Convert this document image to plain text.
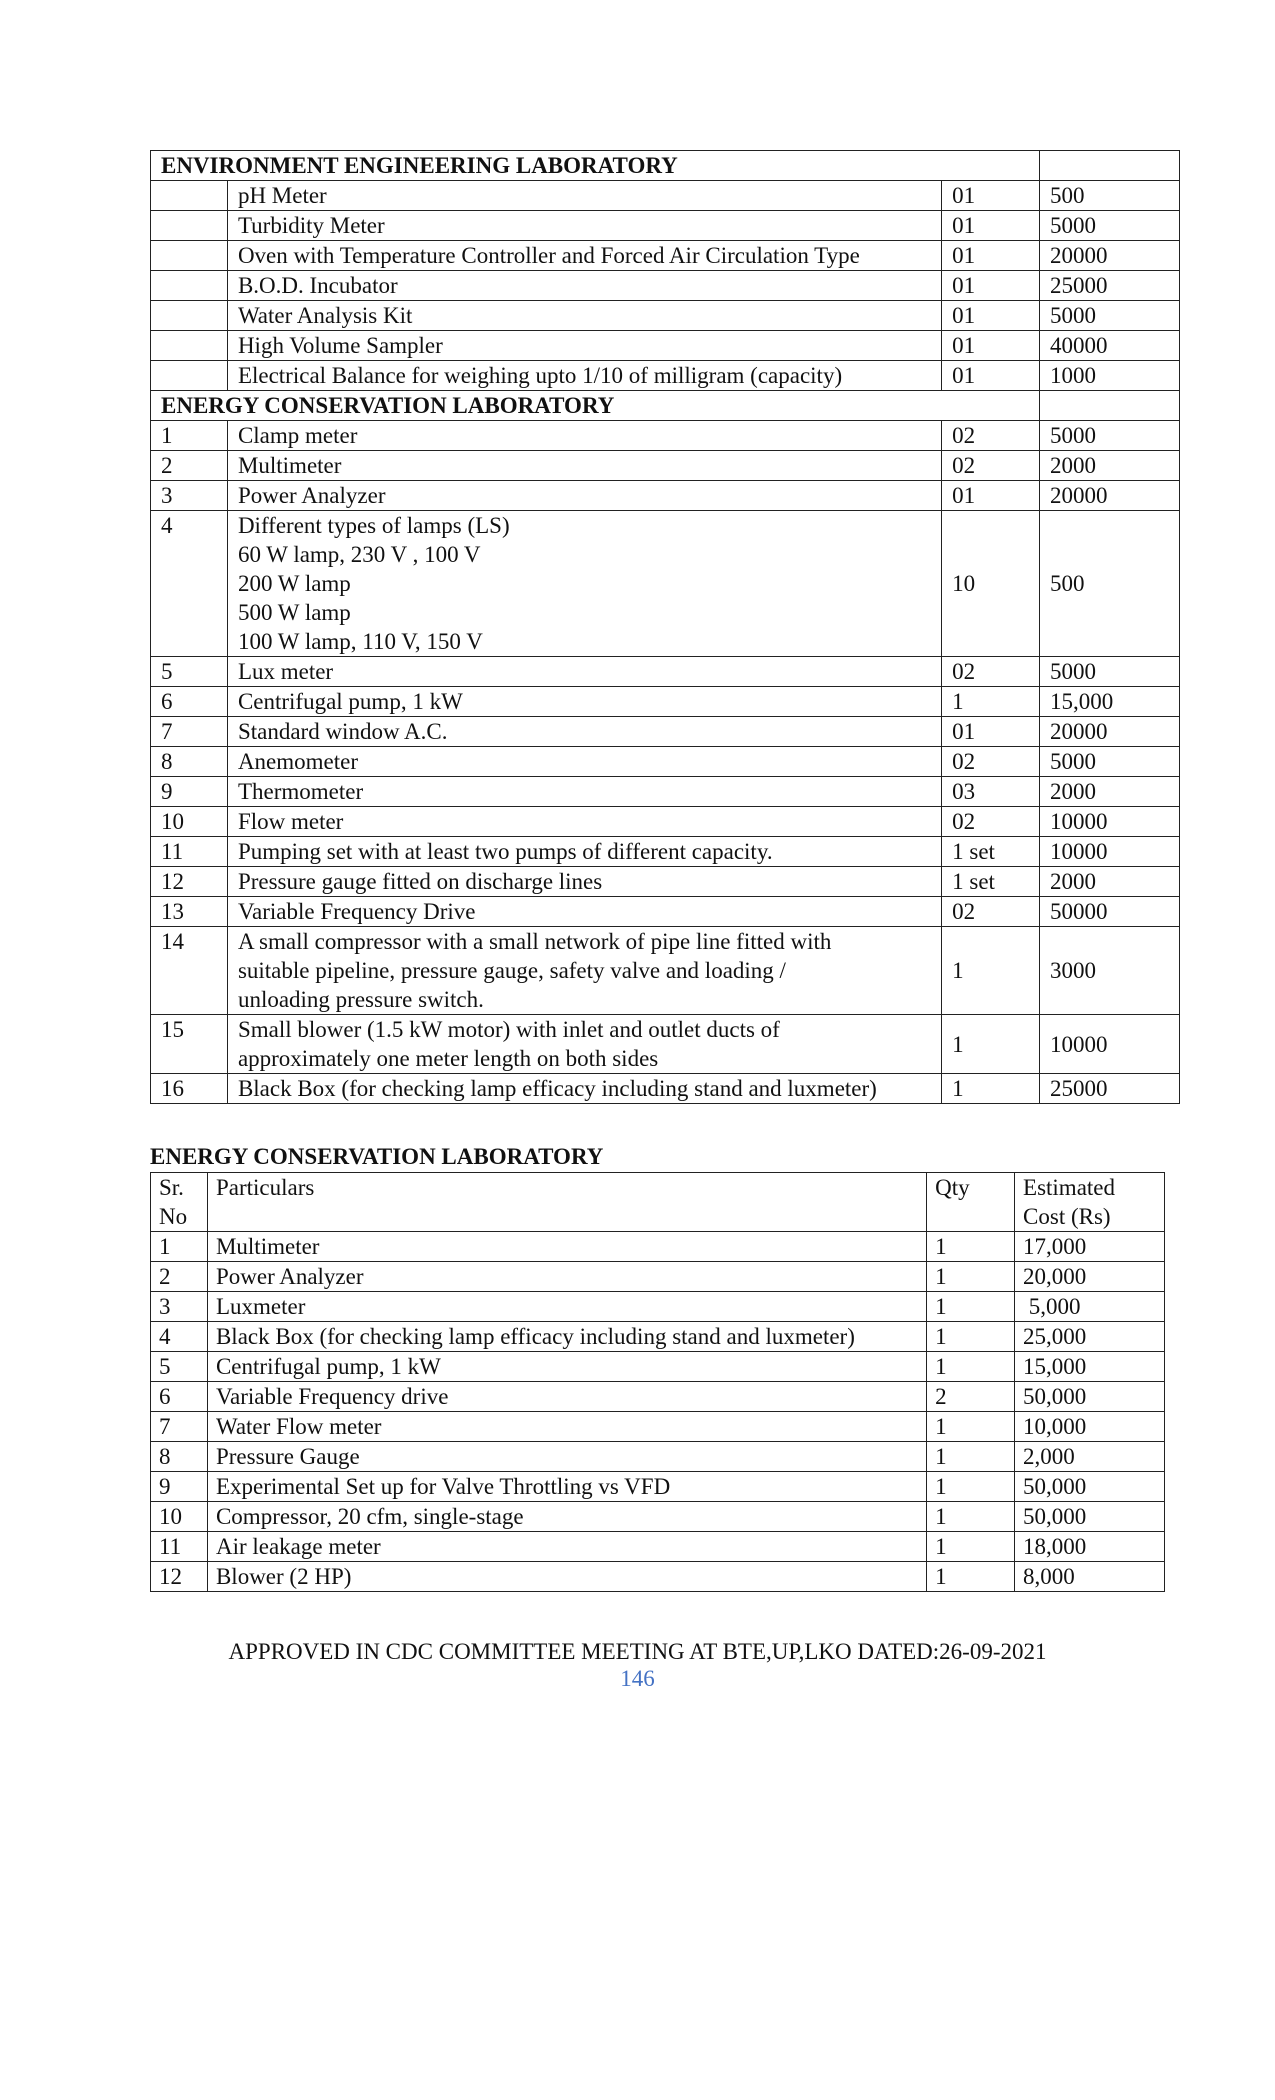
ENVIRONMENT ENGINEERING LABORATORY			

	pH Meter	01	500

	Turbidity Meter	01	5000

	Oven with Temperature Controller and Forced Air Circulation Type	01	20000

	B.O.D. Incubator	01	25000

	Water Analysis Kit	01	5000

	High Volume Sampler	01	40000

	Electrical Balance for weighing upto 1/10 of milligram (capacity)	01	1000
ENERGY CONSERVATION LABORATORY			
1	Clamp meter	02	5000
2	Multimeter	02	2000
3	Power Analyzer	01	20000
4	Different types of lamps (LS)
60 W lamp, 230 V , 100 V
200 W lamp
500 W lamp
100 W lamp, 110 V, 150 V	10	500
5	Lux meter	02	5000
6	Centrifugal pump, 1 kW	1	15,000
7	Standard window A.C.	01	20000
8	Anemometer	02	5000
9	Thermometer	03	2000
10	Flow meter	02	10000
11	Pumping set with at least two pumps of different capacity.	1 set	10000
12	Pressure gauge fitted on discharge lines	1 set	2000
13	Variable Frequency Drive	02	50000
14	A small compressor with a small network of pipe line fitted with
suitable pipeline, pressure gauge, safety valve and loading /
unloading pressure switch.	1	3000
15	Small blower (1.5 kW motor) with inlet and outlet ducts of
approximately one meter length on both sides	1	10000
16	Black Box (for checking lamp efficacy including stand and luxmeter)	1	25000
ENERGY CONSERVATION LABORATORY
Sr.
No	Particulars	Qty	Estimated
Cost (Rs)

1	Multimeter	1	17,000
2	Power Analyzer	1	20,000
3	Luxmeter	1	5,000
4	Black Box (for checking lamp efficacy including stand and luxmeter)	1	25,000
5	Centrifugal pump, 1 kW	1	15,000
6	Variable Frequency drive	2	50,000
7	Water Flow meter	1	10,000
8	Pressure Gauge	1	2,000
9	Experimental Set up for Valve Throttling vs VFD	1	50,000
10	Compressor, 20 cfm, single-stage	1	50,000
11	Air leakage meter	1	18,000
12	Blower (2 HP)	1	8,000
APPROVED IN CDC COMMITTEE MEETING AT BTE,UP,LKO DATED:26-09-2021
146
